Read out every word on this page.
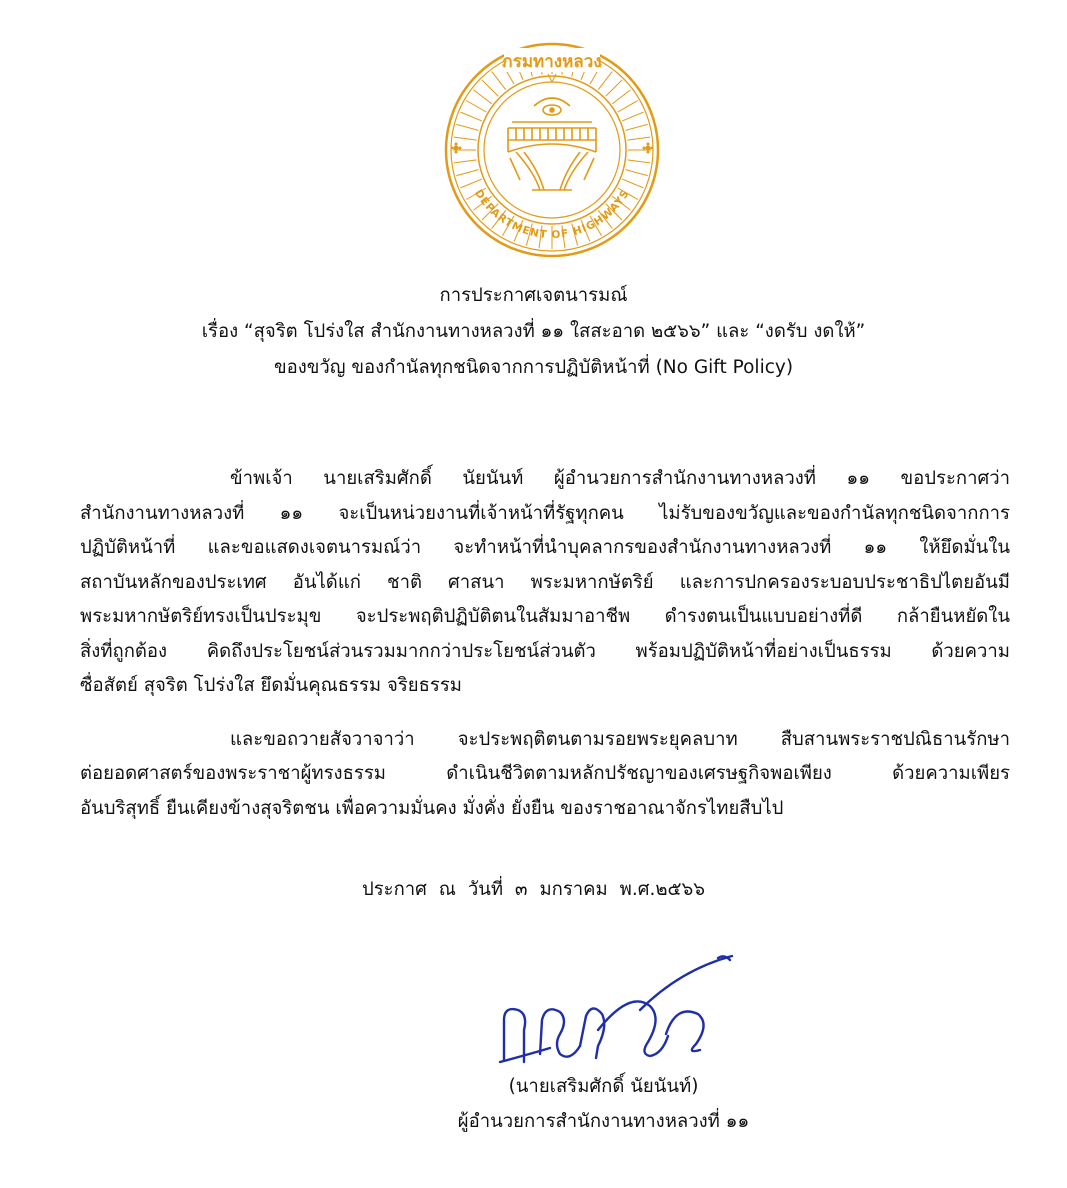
กรมทางหลวง
DEPARTMENT OF HIGHWAYS
การประกาศเจตนารมณ์
เรื่อง “สุจริต โปร่งใส สำนักงานทางหลวงที่ ๑๑ ใสสะอาด ๒๕๖๖” และ “งดรับ งดให้”
ของขวัญ ของกำนัลทุกชนิดจากการปฏิบัติหน้าที่ (No Gift Policy)

ข้าพเจ้า นายเสริมศักดิ์ นัยนันท์ ผู้อำนวยการสำนักงานทางหลวงที่ ๑๑ ขอประกาศว่า
สำนักงานทางหลวงที่ ๑๑ จะเป็นหน่วยงานที่เจ้าหน้าที่รัฐทุกคน ไม่รับของขวัญและของกำนัลทุกชนิดจากการ
ปฏิบัติหน้าที่ และขอแสดงเจตนารมณ์ว่า จะทำหน้าที่นำบุคลากรของสำนักงานทางหลวงที่ ๑๑ ให้ยึดมั่นใน
สถาบันหลักของประเทศ อันได้แก่ ชาติ ศาสนา พระมหากษัตริย์ และการปกครองระบอบประชาธิปไตยอันมี
พระมหากษัตริย์ทรงเป็นประมุข จะประพฤติปฏิบัติตนในสัมมาอาชีพ ดำรงตนเป็นแบบอย่างที่ดี กล้ายืนหยัดใน
สิ่งที่ถูกต้อง คิดถึงประโยชน์ส่วนรวมมากกว่าประโยชน์ส่วนตัว พร้อมปฏิบัติหน้าที่อย่างเป็นธรรม ด้วยความ
ซื่อสัตย์ สุจริต โปร่งใส ยึดมั่นคุณธรรม จริยธรรม

และขอถวายสัจวาจาว่า จะประพฤติตนตามรอยพระยุคลบาท สืบสานพระราชปณิธานรักษา
ต่อยอดศาสตร์ของพระราชาผู้ทรงธรรม ดำเนินชีวิตตามหลักปรัชญาของเศรษฐกิจพอเพียง ด้วยความเพียร
อันบริสุทธิ์ ยืนเคียงข้างสุจริตชน เพื่อความมั่นคง มั่งคั่ง ยั่งยืน ของราชอาณาจักรไทยสืบไป

ประกาศ ณ วันที่ ๓ มกราคม พ.ศ.๒๕๖๖
(นายเสริมศักดิ์ นัยนันท์)
ผู้อำนวยการสำนักงานทางหลวงที่ ๑๑
